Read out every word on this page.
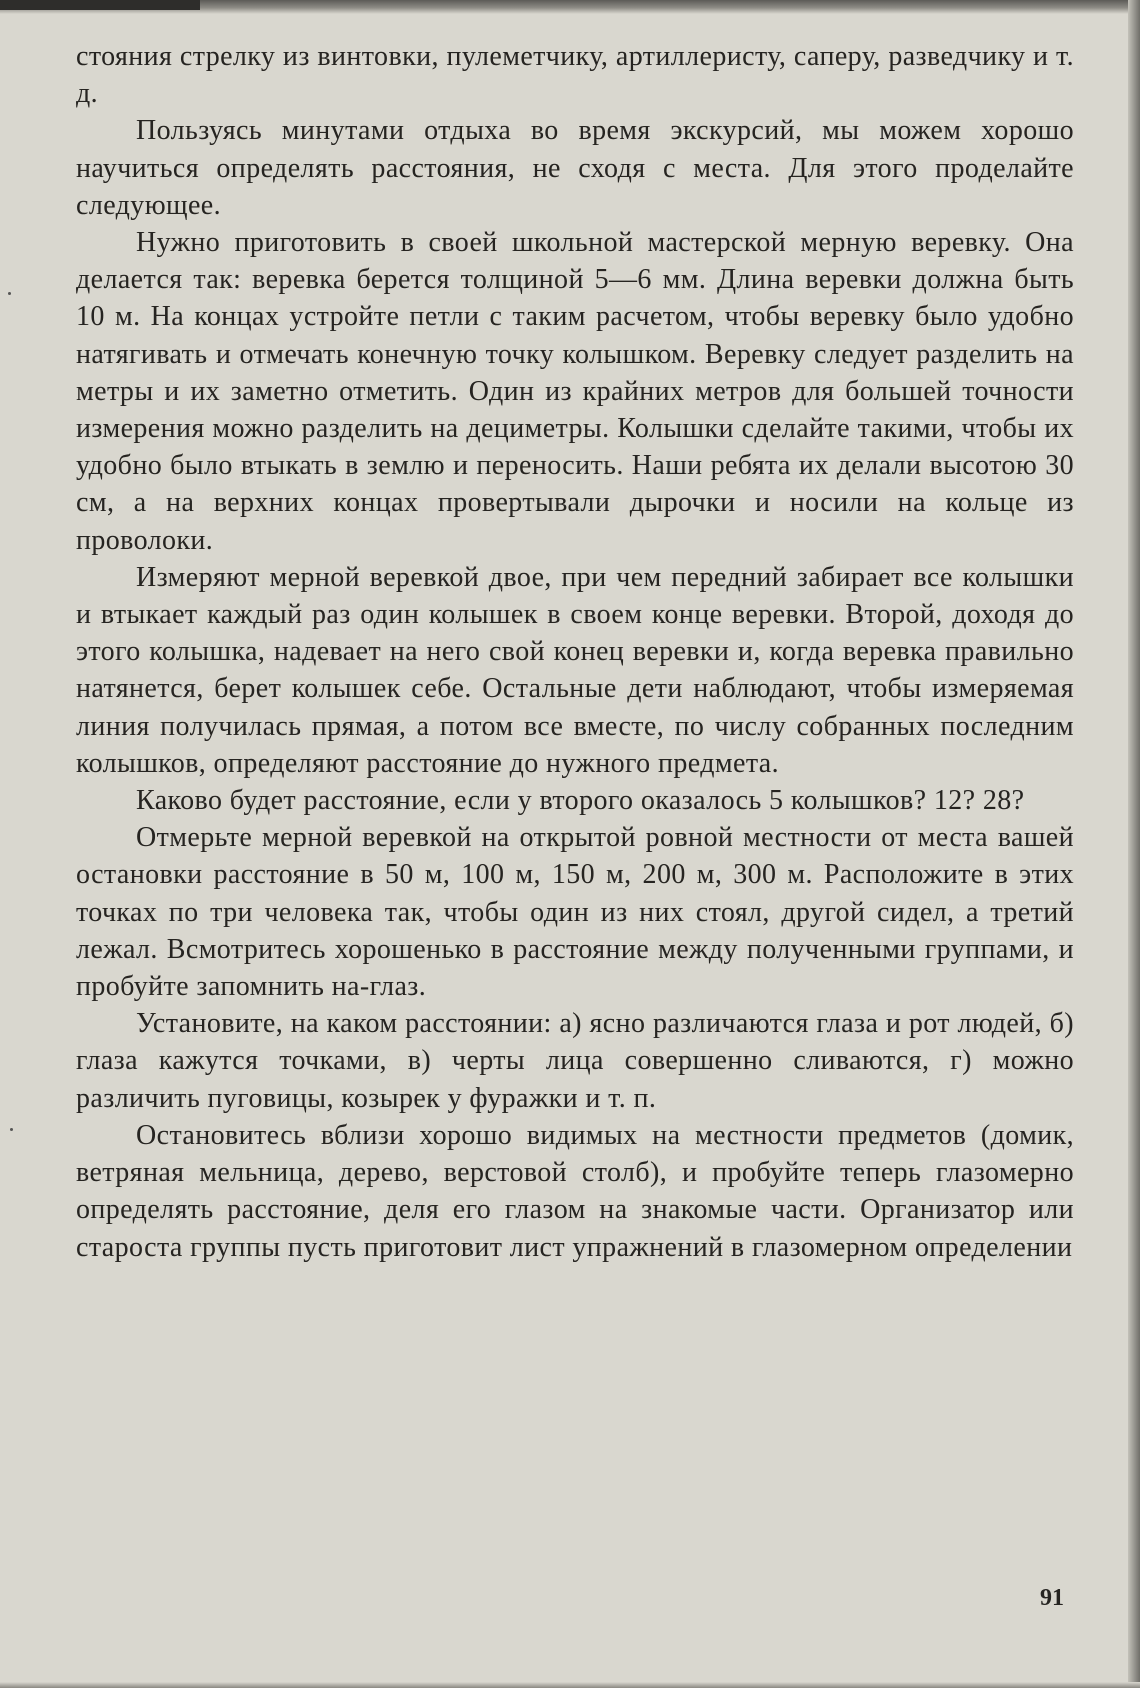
стояния стрелку из винтовки, пулеметчику, артиллеристу, саперу, разведчику и т. д.

Пользуясь минутами отдыха во время экскурсий, мы можем хорошо научиться определять расстояния, не сходя с места. Для этого проделайте следующее.

Нужно приготовить в своей школьной мастерской мерную веревку. Она делается так: веревка берется толщиной 5—6 мм. Длина веревки должна быть 10 м. На концах устройте петли с таким расчетом, чтобы веревку было удобно натягивать и отмечать конечную точку колышком. Веревку следует разделить на метры и их заметно отметить. Один из крайних метров для большей точности измерения можно разделить на дециметры. Колышки сделайте такими, чтобы их удобно было втыкать в землю и переносить. Наши ребята их делали высотою 30 см, а на верхних концах провертывали дырочки и носили на кольце из проволоки.

Измеряют мерной веревкой двое, при чем передний забирает все колышки и втыкает каждый раз один колышек в своем конце веревки. Второй, доходя до этого колышка, надевает на него свой конец веревки и, когда веревка правильно натянется, берет колышек себе. Остальные дети наблюдают, чтобы измеряемая линия получилась прямая, а потом все вместе, по числу собранных последним колышков, определяют расстояние до нужного предмета.

Каково будет расстояние, если у второго оказалось 5 колышков? 12? 28?

Отмерьте мерной веревкой на открытой ровной местности от места вашей остановки расстояние в 50 м, 100 м, 150 м, 200 м, 300 м. Расположите в этих точках по три человека так, чтобы один из них стоял, другой сидел, а третий лежал. Всмотритесь хорошенько в расстояние между полученными группами, и пробуйте запомнить на-глаз.

Установите, на каком расстоянии: а) ясно различаются глаза и рот людей, б) глаза кажутся точками, в) черты лица совершенно сливаются, г) можно различить пуговицы, козырек у фуражки и т. п.

Остановитесь вблизи хорошо видимых на местности предметов (домик, ветряная мельница, дерево, верстовой столб), и пробуйте теперь глазомерно определять расстояние, деля его глазом на знакомые части. Организатор или староста группы пусть приготовит лист упражнений в глазомерном определении

91
